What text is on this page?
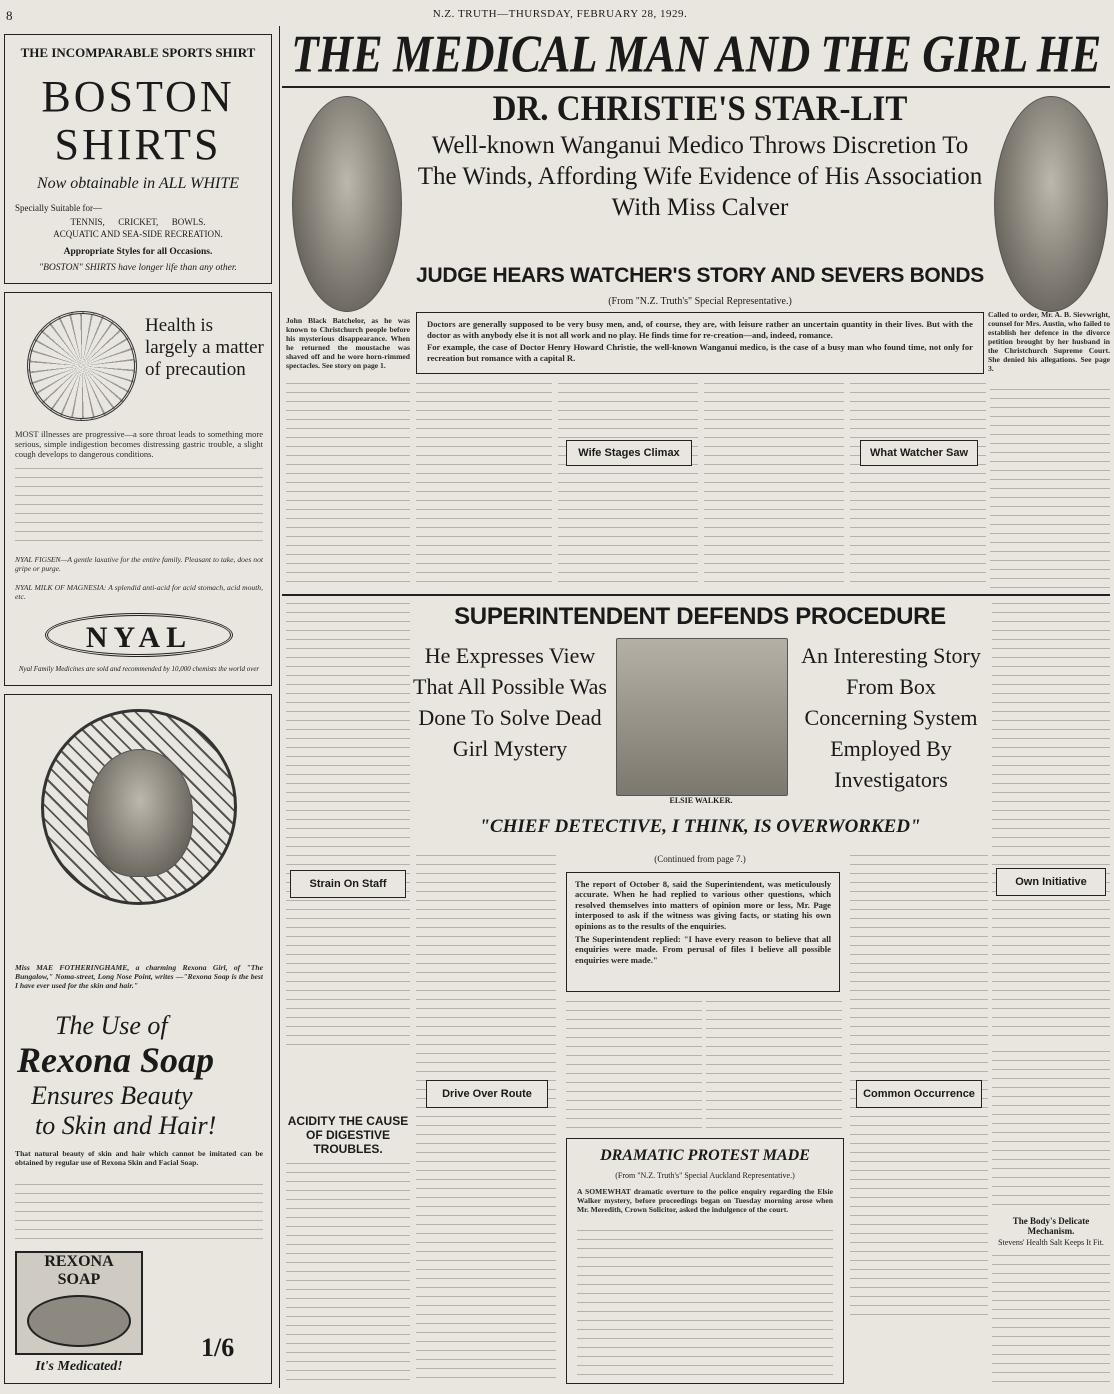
8	N.Z. TRUTH—THURSDAY, FEBRUARY 28, 1929.
THE MEDICAL MAN AND THE GIRL HE
THE INCOMPARABLE SPORTS SHIRT
BOSTON
SHIRTS
Now obtainable in ALL WHITE
Specially Suitable for—
TENNIS,      CRICKET,      BOWLS.
ACQUATIC AND SEA-SIDE RECREATION.
Appropriate Styles for all Occasions.
"BOSTON" SHIRTS have longer life than any other.
Health is largely a matter of precaution
MOST illnesses are progressive—a sore throat leads to something more serious, simple indigestion becomes distressing gastric trouble, a slight cough develops to dangerous conditions.
NYAL FIGSEN—A gentle laxative for the entire family. Pleasant to take, does not gripe or purge.
NYAL MILK OF MAGNESIA: A splendid anti-acid for acid stomach, acid mouth, etc.
NYAL
Nyal Family Medicines are sold and recommended by 10,000 chemists the world over
Miss MAE FOTHERINGHAME, a charming Rexona Girl, of "The Bungalow," Noma-street, Long Nose Point, writes —"Rexona Soap is the best I have ever used for the skin and hair."
The Use of
Rexona Soap
Ensures Beauty
to Skin and Hair!
That natural beauty of skin and hair which cannot be imitated can be obtained by regular use of Rexona Skin and Facial Soap.
REXONA
SOAP
It's Medicated!
1/6
John Black Batchelor, as he was known to Christchurch people before his mysterious disappearance. When he returned the moustache was shaved off and he wore horn-rimmed spectacles. See story on page 1.
Called to order, Mr. A. B. Sievwright, counsel for Mrs. Austin, who failed to establish her defence in the divorce petition brought by her husband in the Christchurch Supreme Court. She denied his allegations. See page 3.
DR. CHRISTIE'S STAR-LIT
Well-known Wanganui Medico Throws Discretion To The Winds, Affording Wife Evidence of His Association With Miss Calver
JUDGE HEARS WATCHER'S STORY AND SEVERS BONDS
(From "N.Z. Truth's" Special Representative.)
Doctors are generally supposed to be very busy men, and, of course, they are, with leisure rather an uncertain quantity in their lives. But with the doctor as with anybody else it is not all work and no play. He finds time for re-creation—and, indeed, romance.
For example, the case of Doctor Henry Howard Christie, the well-known Wanganui medico, is the case of a busy man who found time, not only for recreation but romance with a capital R.
Wife Stages Climax	What Watcher Saw
SUPERINTENDENT DEFENDS PROCEDURE
He Expresses View That All Possible Was Done To Solve Dead Girl Mystery
An Interesting Story From Box Concerning System Employed By Investigators
ELSIE WALKER.
"CHIEF DETECTIVE, I THINK, IS OVERWORKED"
(Continued from page 7.)
The report of October 8, said the Superintendent, was meticulously accurate. When he had replied to various other questions, which resolved themselves into matters of opinion more or less, Mr. Page interposed to ask if the witness was giving facts, or stating his own opinions as to the results of the enquiries.
The Superintendent replied: "I have every reason to believe that all enquiries were made. From perusal of files I believe all possible enquiries were made."
Strain On Staff
Drive Over Route	Common Occurrence
Own Initiative
ACIDITY THE CAUSE OF DIGESTIVE TROUBLES.	DRAMATIC PROTEST MADE
(From "N.Z. Truth's" Special Auckland Representative.)
A SOMEWHAT dramatic overture to the police enquiry regarding the Elsie Walker mystery, before proceedings began on Tuesday morning arose when Mr. Meredith, Crown Solicitor, asked the indulgence of the court.
The Body's Delicate Mechanism.
Stevens' Health Salt Keeps It Fit.
